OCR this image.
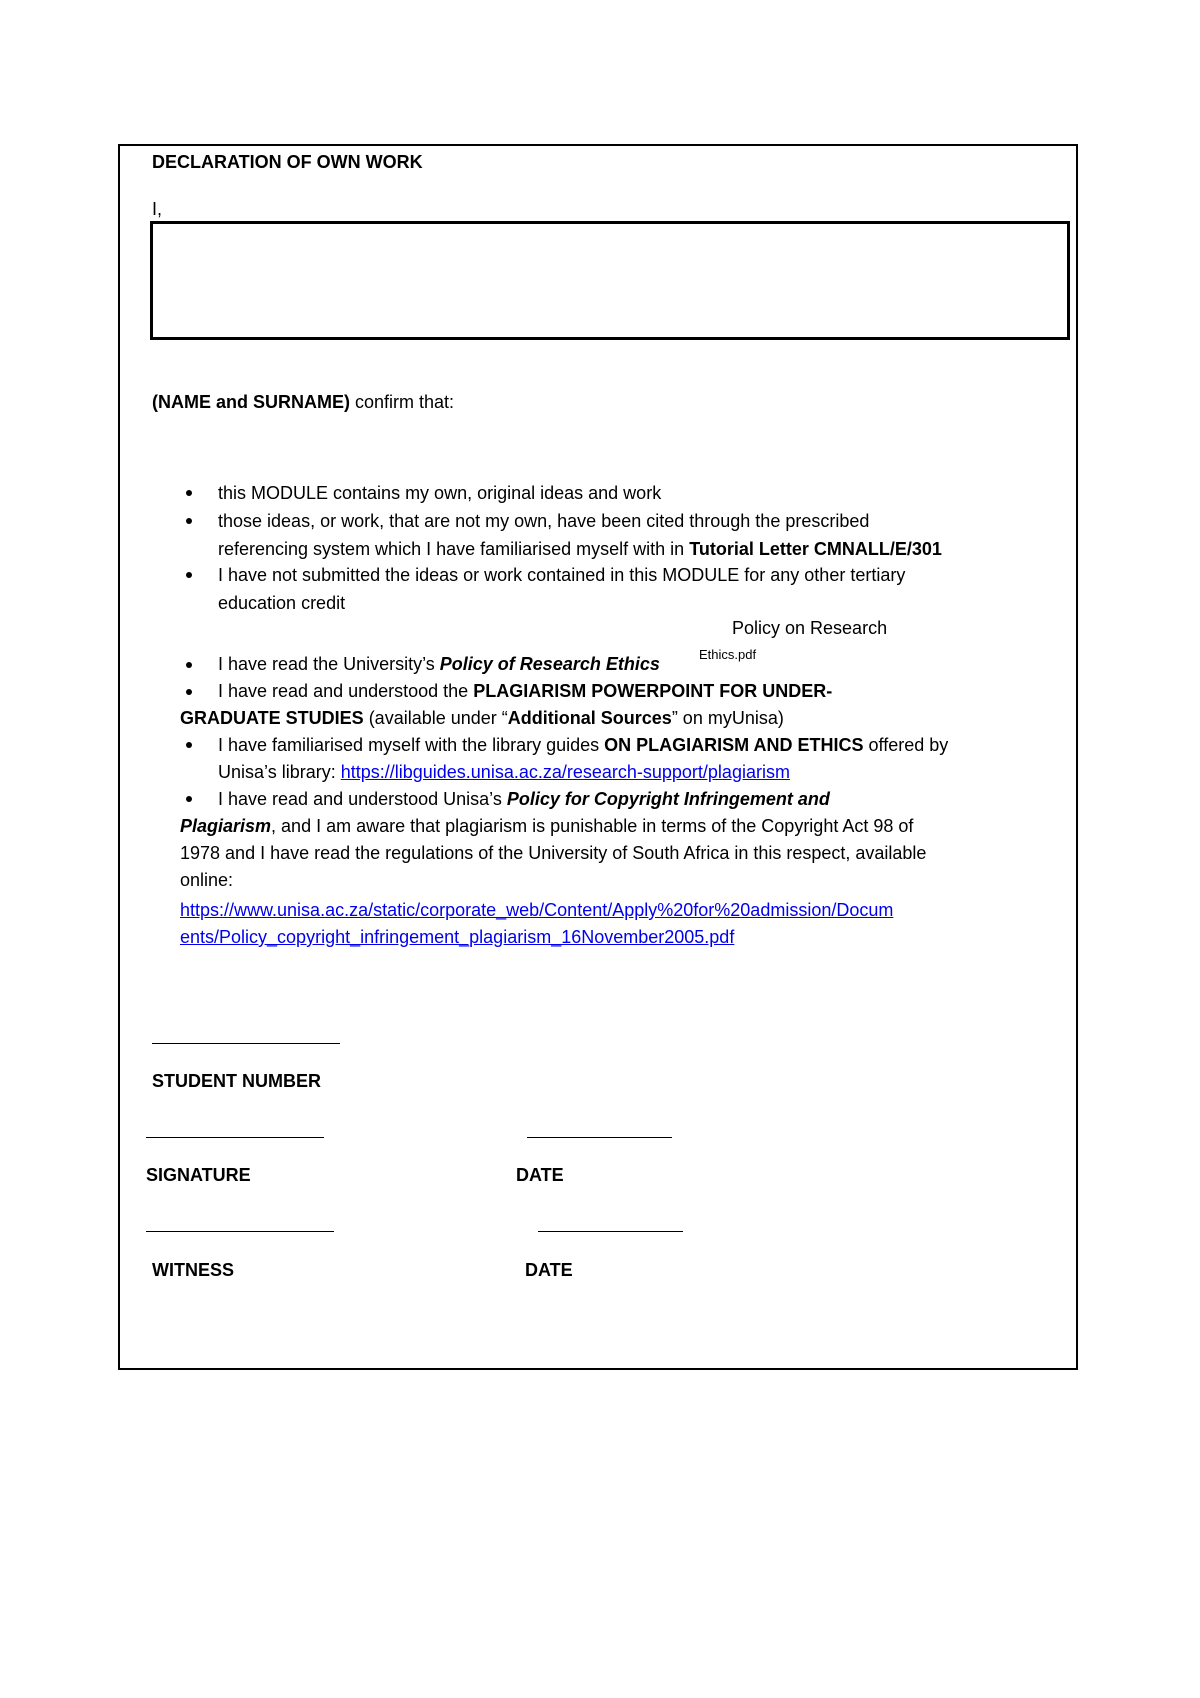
DECLARATION OF OWN WORK
I,
(NAME and SURNAME) confirm that:
this MODULE contains my own, original ideas and work
those ideas, or work, that are not my own, have been cited through the prescribed
referencing system which I have familiarised myself with in Tutorial Letter CMNALL/E/301
I have not submitted the ideas or work contained in this MODULE for any other tertiary
education credit
Policy on Research
I have read the University’s Policy of Research Ethics	Ethics.pdf
I have read and understood the PLAGIARISM POWERPOINT FOR UNDER-
GRADUATE STUDIES (available under “Additional Sources” on myUnisa)
I have familiarised myself with the library guides ON PLAGIARISM AND ETHICS offered by
Unisa’s library: https://libguides.unisa.ac.za/research-support/plagiarism
I have read and understood Unisa’s Policy for Copyright Infringement and
Plagiarism, and I am aware that plagiarism is punishable in terms of the Copyright Act 98 of
1978 and I have read the regulations of the University of South Africa in this respect, available
online:
https://www.unisa.ac.za/static/corporate_web/Content/Apply%20for%20admission/Docum
ents/Policy_copyright_infringement_plagiarism_16November2005.pdf
STUDENT NUMBER
SIGNATURE	DATE
WITNESS	DATE
